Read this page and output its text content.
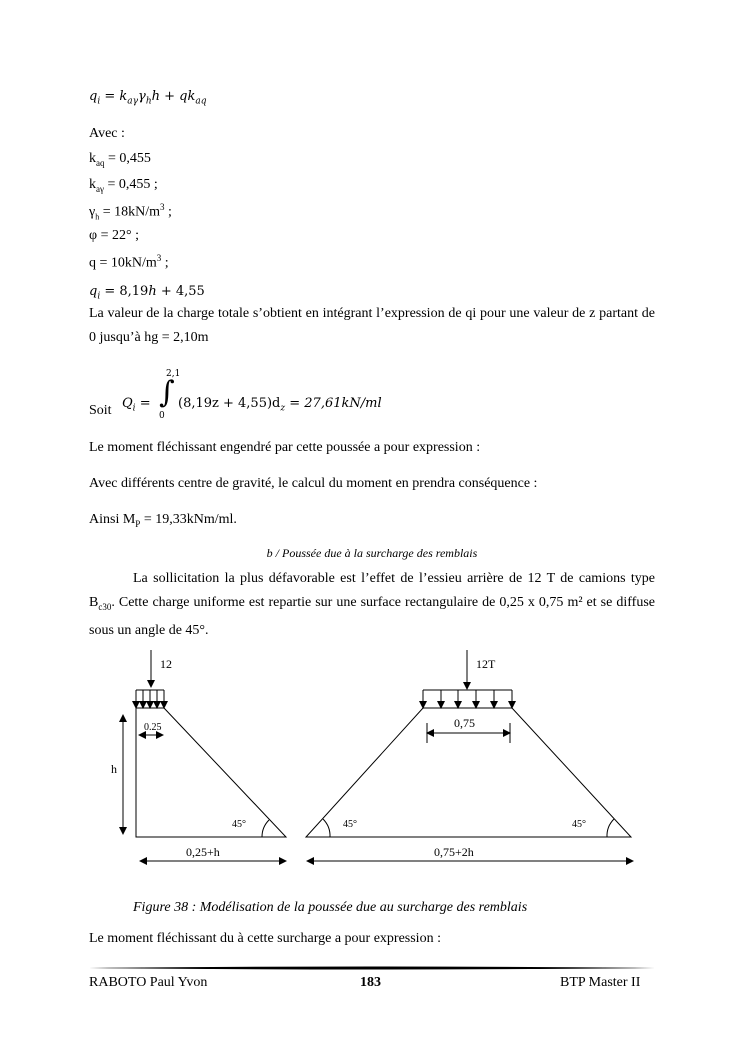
$q_i = k_{a\gamma}\gamma_hh + qk_{aq}$
Avec :
$k_{aq} = 0,455$
$k_{a\gamma} = 0,455$ ;
$\gamma_h = 18kN/m^3$ ;
φ = 22° ;
$q = 10kN/m^3$ ;
$q_i$ = 8,19ℎ + 4,55
La valeur de la charge totale s’obtient en intégrant l’expression de qi pour une valeur de z partant de 0 jusqu’à hg = 2,10m
Soit $Q_i$ = ∫
2,1
0
$(8,19z + 4,55)d_z = 27,61kN/ml$
Le moment fléchissant engendré par cette poussée a pour expression :
Avec différents centre de gravité, le calcul du moment en prendra conséquence :
Ainsi $M_P = 19,33kNm/ml$.
b / Poussée due à la surcharge des remblais
La sollicitation la plus défavorable est l’effet de l’essieu arrière de 12 T de camions type $B_{c30}$. Cette charge uniforme est repartie sur une surface rectangulaire de 0,25 x 0,75 m² et se diffuse sous un angle de 45°.
12
0.25
h
45°
0,25+h
12T
0,75
45°	45°
0,75+2h
Figure 38 : Modélisation de la poussée due au surcharge des remblais
Le moment fléchissant du à cette surcharge a pour expression :
RABOTO Paul Yvon	183	BTP Master II
